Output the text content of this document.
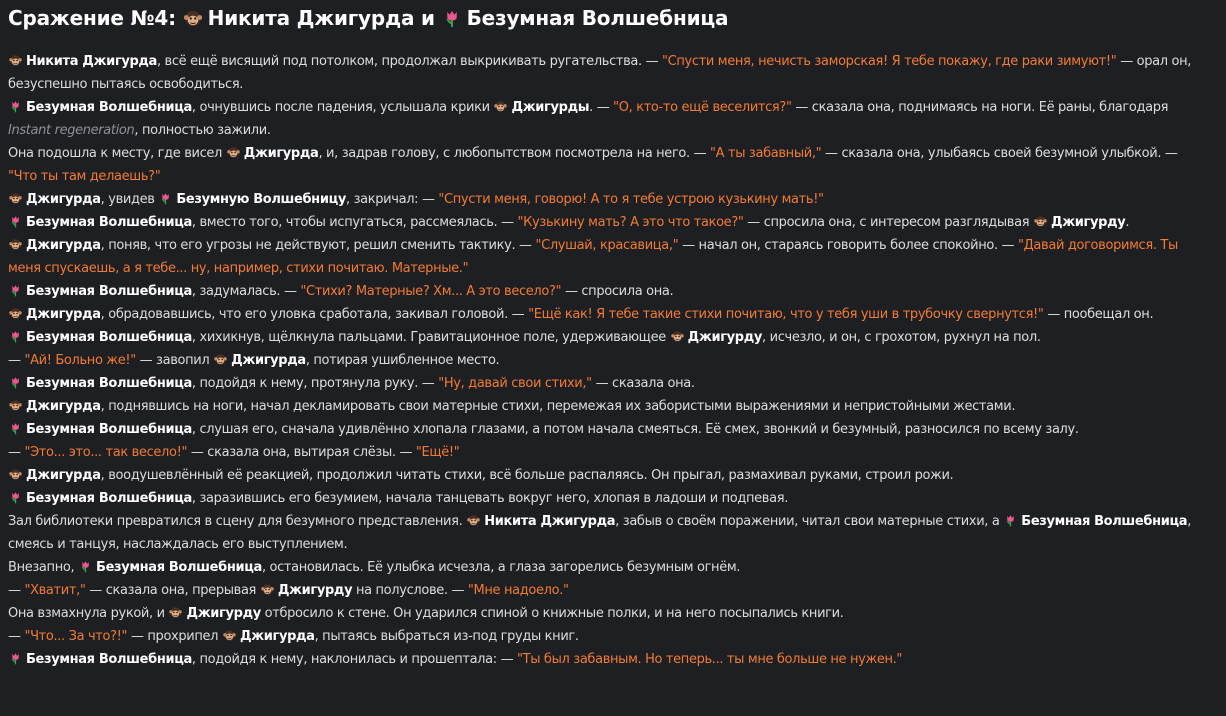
Сражение №4: Никита Джигурда и Безумная Волшебница
Никита Джигурда, всё ещё висящий под потолком, продолжал выкрикивать ругательства. — "Спусти меня, нечисть заморская! Я тебе покажу, где раки зимуют!" — орал он,
безуспешно пытаясь освободиться.
Безумная Волшебница, очнувшись после падения, услышала крики Джигурды. — "О, кто-то ещё веселится?" — сказала она, поднимаясь на ноги. Её раны, благодаря
Instant regeneration, полностью зажили.
Она подошла к месту, где висел Джигурда, и, задрав голову, с любопытством посмотрела на него. — "А ты забавный," — сказала она, улыбаясь своей безумной улыбкой. —
"Что ты там делаешь?"
Джигурда, увидев Безумную Волшебницу, закричал: — "Спусти меня, говорю! А то я тебе устрою кузькину мать!"
Безумная Волшебница, вместо того, чтобы испугаться, рассмеялась. — "Кузькину мать? А это что такое?" — спросила она, с интересом разглядывая Джигурду.
Джигурда, поняв, что его угрозы не действуют, решил сменить тактику. — "Слушай, красавица," — начал он, стараясь говорить более спокойно. — "Давай договоримся. Ты
меня спускаешь, а я тебе... ну, например, стихи почитаю. Матерные."
Безумная Волшебница, задумалась. — "Стихи? Матерные? Хм... А это весело?" — спросила она.
Джигурда, обрадовавшись, что его уловка сработала, закивал головой. — "Ещё как! Я тебе такие стихи почитаю, что у тебя уши в трубочку свернутся!" — пообещал он.
Безумная Волшебница, хихикнув, щёлкнула пальцами. Гравитационное поле, удерживающее Джигурду, исчезло, и он, с грохотом, рухнул на пол.
— "Ай! Больно же!" — завопил Джигурда, потирая ушибленное место.
Безумная Волшебница, подойдя к нему, протянула руку. — "Ну, давай свои стихи," — сказала она.
Джигурда, поднявшись на ноги, начал декламировать свои матерные стихи, перемежая их забористыми выражениями и непристойными жестами.
Безумная Волшебница, слушая его, сначала удивлённо хлопала глазами, а потом начала смеяться. Её смех, звонкий и безумный, разносился по всему залу.
— "Это... это... так весело!" — сказала она, вытирая слёзы. — "Ещё!"
Джигурда, воодушевлённый её реакцией, продолжил читать стихи, всё больше распаляясь. Он прыгал, размахивал руками, строил рожи.
Безумная Волшебница, заразившись его безумием, начала танцевать вокруг него, хлопая в ладоши и подпевая.
Зал библиотеки превратился в сцену для безумного представления. Никита Джигурда, забыв о своём поражении, читал свои матерные стихи, а Безумная Волшебница,
смеясь и танцуя, наслаждалась его выступлением.
Внезапно, Безумная Волшебница, остановилась. Её улыбка исчезла, а глаза загорелись безумным огнём.
— "Хватит," — сказала она, прерывая Джигурду на полуслове. — "Мне надоело."
Она взмахнула рукой, и Джигурду отбросило к стене. Он ударился спиной о книжные полки, и на него посыпались книги.
— "Что... За что?!" — прохрипел Джигурда, пытаясь выбраться из-под груды книг.
Безумная Волшебница, подойдя к нему, наклонилась и прошептала: — "Ты был забавным. Но теперь... ты мне больше не нужен."
